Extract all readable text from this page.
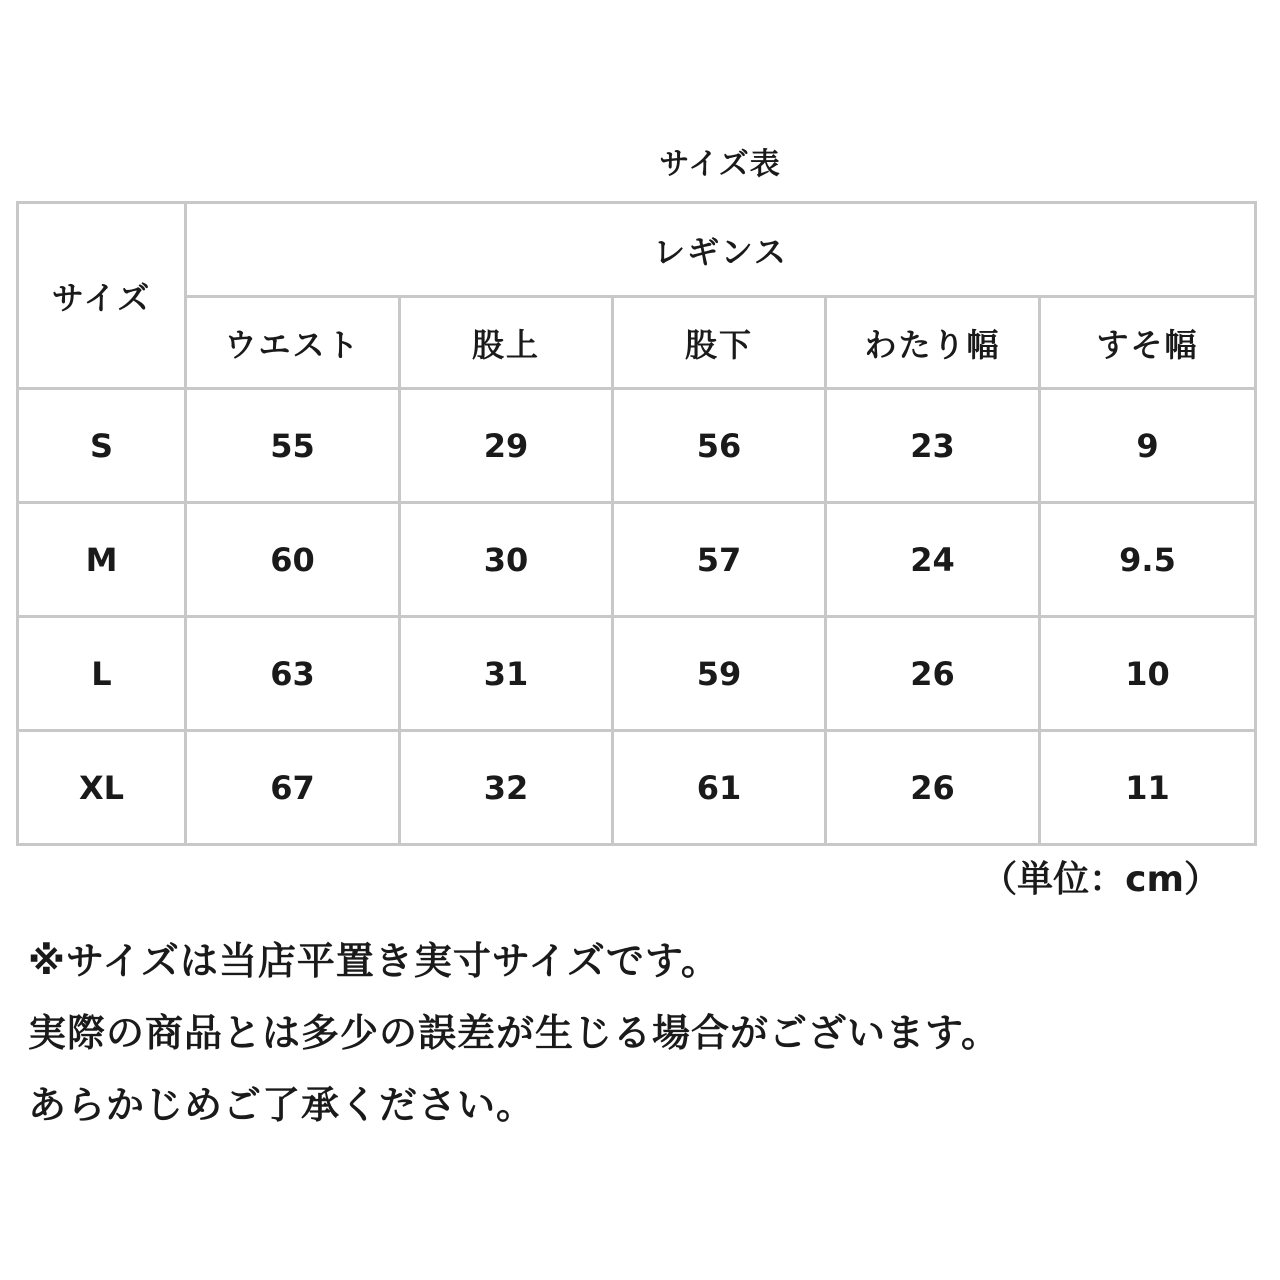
サイズ表
サイズ	レギンス				
	ウエスト	股上	股下	わたり幅	すそ幅
S	55	29	56	23	9
M	60	30	57	24	9.5
L	63	31	59	26	10
XL	67	32	61	26	11
（単位：cm）
※サイズは当店平置き実寸サイズです。
実際の商品とは多少の誤差が生じる場合がございます。
あらかじめご了承ください。
